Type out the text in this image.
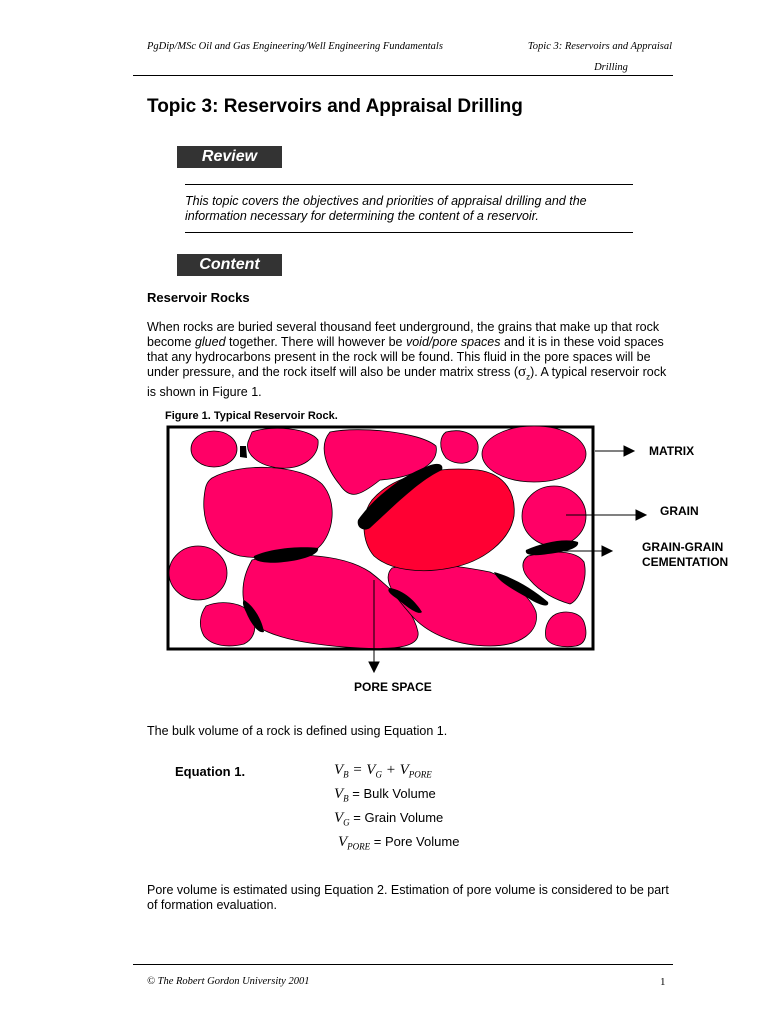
PgDip/MSc Oil and Gas Engineering/Well Engineering Fundamentals	Topic 3: Reservoirs and Appraisal
Drilling
Topic 3: Reservoirs and Appraisal Drilling
Review
This topic covers the objectives and priorities of appraisal drilling and the information necessary for determining the content of a reservoir.
Content
Reservoir Rocks
When rocks are buried several thousand feet underground, the grains that make up that rock become glued together. There will however be void/pore spaces and it is in these void spaces that any hydrocarbons present in the rock will be found. This fluid in the pore spaces will be under pressure, and the rock itself will also be under matrix stress $(\sigma_z)$. A typical reservoir rock is shown in Figure 1.
Figure 1. Typical Reservoir Rock.
MATRIX
GRAIN
GRAIN-GRAIN
CEMENTATION
PORE SPACE
The bulk volume of a rock is defined using Equation 1.
Equation 1.	$V_B = V_G + V_{PORE}$
$V_B$ = Bulk Volume
$V_G$ = Grain Volume
$V_{PORE}$ = Pore Volume
Pore volume is estimated using Equation 2. Estimation of pore volume is considered to be part of formation evaluation.
© The Robert Gordon University 2001	1
